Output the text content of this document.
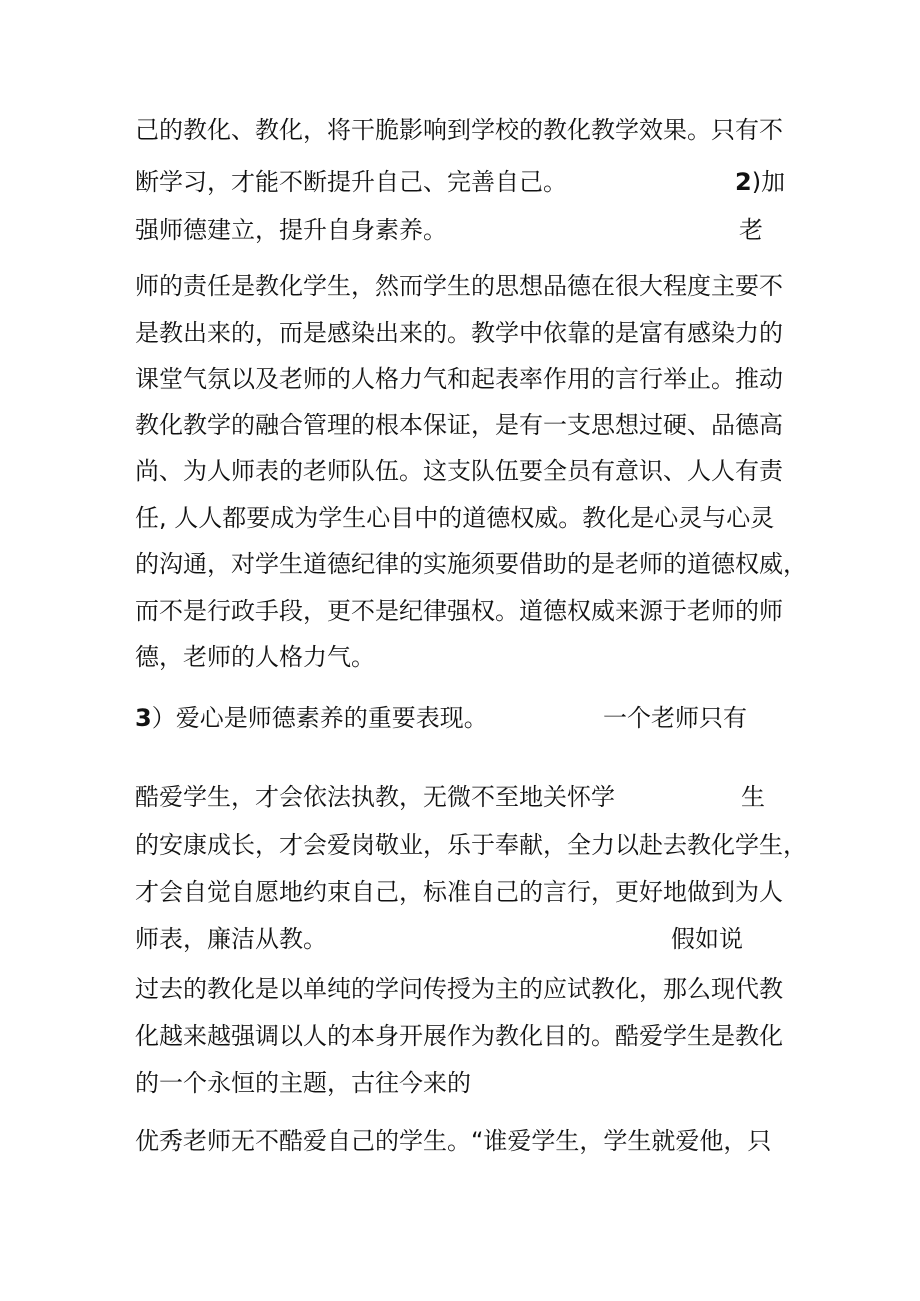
己的教化、教化，将干脆影响到学校的教化教学效果。只有不
断学习，才能不断提升自己、完善自己。	2)加
强师德建立，提升自身素养。	老
师的责任是教化学生，然而学生的思想品德在很大程度主要不
是教出来的，而是感染出来的。教学中依靠的是富有感染力的
课堂气氛以及老师的人格力气和起表率作用的言行举止。推动
教化教学的融合管理的根本保证，是有一支思想过硬、品德高
尚、为人师表的老师队伍。这支队伍要全员有意识、人人有责
任, 人人都要成为学生心目中的道德权威。教化是心灵与心灵
的沟通，对学生道德纪律的实施须要借助的是老师的道德权威，
而不是行政手段，更不是纪律强权。道德权威来源于老师的师
德，老师的人格力气。
3）爱心是师德素养的重要表现。	一个老师只有
酷爱学生，才会依法执教，无微不至地关怀学	生
的安康成长，才会爱岗敬业，乐于奉献，全力以赴去教化学生，
才会自觉自愿地约束自己，标准自己的言行，更好地做到为人
师表，廉洁从教。	假如说
过去的教化是以单纯的学问传授为主的应试教化，那么现代教
化越来越强调以人的本身开展作为教化目的。酷爱学生是教化
的一个永恒的主题，古往今来的
优秀老师无不酷爱自己的学生。“谁爱学生，学生就爱他，只
